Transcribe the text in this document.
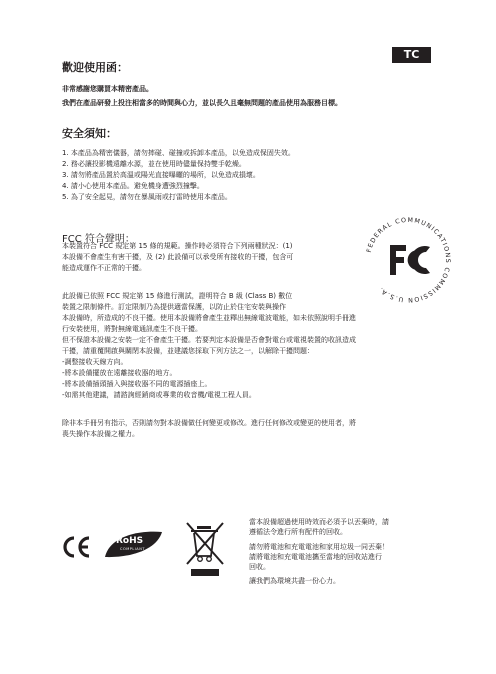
TC
歡迎使用函：
非常感謝您購買本精密產品。
我們在產品研發上投注相當多的時間與心力，並以長久且毫無問題的產品使用為服務目標。
安全須知：
1. 本產品為精密儀器，請勿摔碰、碰撞或拆卸本產品，以免造成保固失效。
2. 務必讓投影機遠離水源，並在使用時儘量保持雙手乾燥。
3. 請勿將產品置於高溫或陽光直接曝曬的場所，以免造成損壞。
4. 請小心使用本產品。避免機身遭強烈撞擊。
5. 為了安全起見，請勿在暴風雨或打雷時使用本產品。
FCC 符合聲明：
本裝置符合 FCC 規定第 15 條的規範。操作時必須符合下列兩種狀況：(1)
本設備不會產生有害干擾，及 (2) 此設備可以承受所有接收的干擾，包含可
能造成運作不正常的干擾。
此設備已依照 FCC 規定第 15 條進行測試，證明符合 B 級 (Class B) 數位
裝置之限制條件。訂定限制乃為提供適當保護，以防止於住宅安裝與操作
本設備時，所造成的不良干擾。使用本設備將會產生並釋出無線電波電能，如未依照說明手冊進
行安裝使用，將對無線電通訊產生不良干擾。
但不保證本設備之安裝一定不會產生干擾。若要判定本設備是否會對電台或電視裝置的收訊造成
干擾，請重覆開啟與關閉本設備，並建議您採取下列方法之一，以解除干擾問題：
-調整接收天線方向。
-將本設備擺放在遠離接收器的地方。
-將本設備插頭插入與接收器不同的電源插座上。
-如需其他建議，請諮詢經銷商或專業的收音機/電視工程人員。
除非本手冊另有指示，否則請勿對本設備做任何變更或修改。進行任何修改或變更的使用者，將
喪失操作本設備之權力。
FEDERAL COMMUNICATIONS COMMISSION U.S.A.
RoHS
COMPLIANT
當本設備超過使用時效而必須予以丟棄時，請
遵循法令進行所有配件的回收。
請勿將電池和充電電池和家用垃圾一同丟棄！
請將電池和充電電池攜至當地的回收站進行
回收。
讓我們為環境共盡一份心力。
